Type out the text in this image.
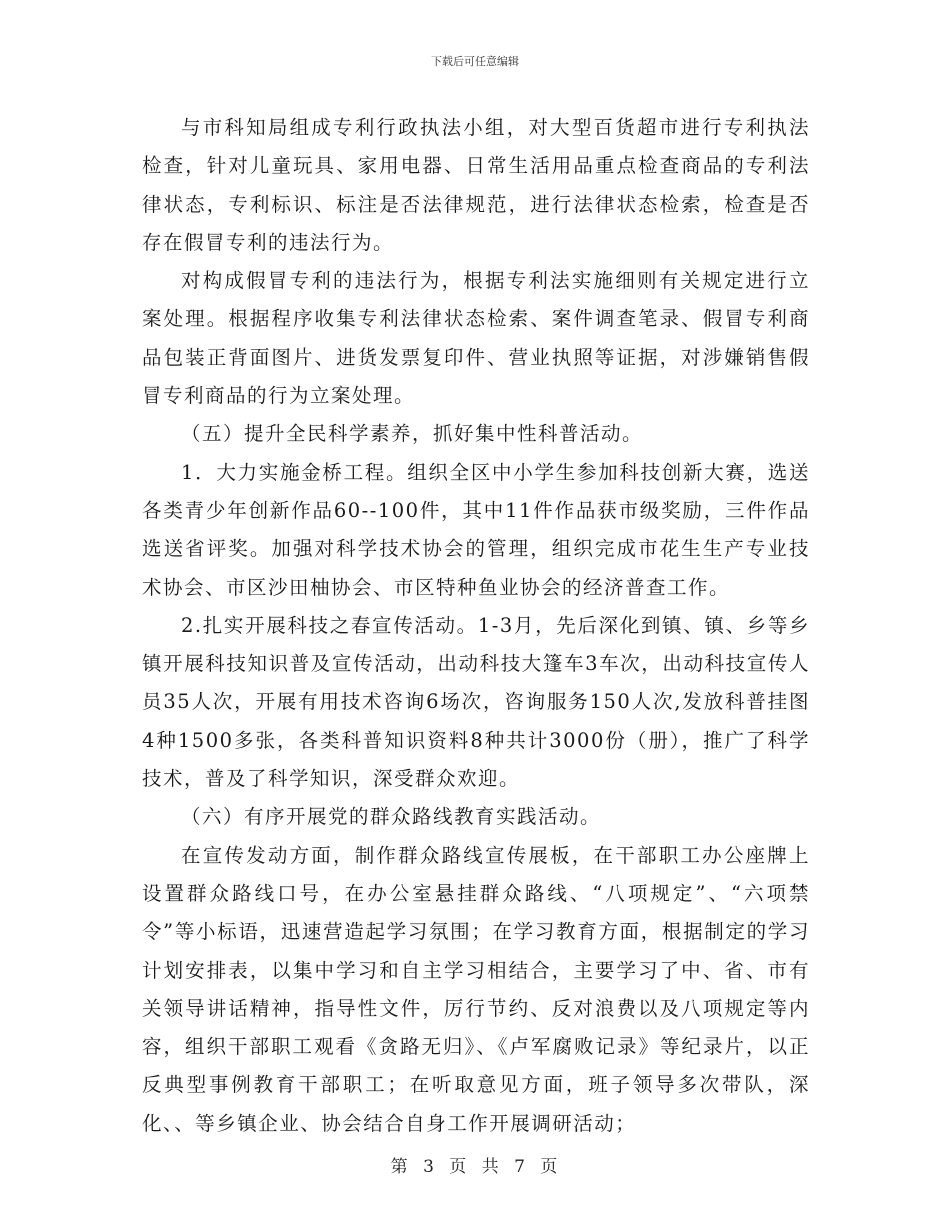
下载后可任意编辑

与市科知局组成专利行政执法小组，对大型百货超市进行专利执法检查，针对儿童玩具、家用电器、日常生活用品重点检查商品的专利法律状态，专利标识、标注是否法律规范，进行法律状态检索，检查是否存在假冒专利的违法行为。

对构成假冒专利的违法行为，根据专利法实施细则有关规定进行立案处理。根据程序收集专利法律状态检索、案件调查笔录、假冒专利商品包装正背面图片、进货发票复印件、营业执照等证据，对涉嫌销售假冒专利商品的行为立案处理。

（五）提升全民科学素养，抓好集中性科普活动。

1．大力实施金桥工程。组织全区中小学生参加科技创新大赛，选送各类青少年创新作品60--100件，其中11件作品获市级奖励，三件作品选送省评奖。加强对科学技术协会的管理，组织完成市花生生产专业技术协会、市区沙田柚协会、市区特种鱼业协会的经济普查工作。

2.扎实开展科技之春宣传活动。1-3月，先后深化到镇、镇、乡等乡镇开展科技知识普及宣传活动，出动科技大篷车3车次，出动科技宣传人员35人次，开展有用技术咨询6场次，咨询服务150人次,发放科普挂图4种1500多张，各类科普知识资料8种共计3000份（册），推广了科学技术，普及了科学知识，深受群众欢迎。

（六）有序开展党的群众路线教育实践活动。

在宣传发动方面，制作群众路线宣传展板，在干部职工办公座牌上设置群众路线口号，在办公室悬挂群众路线、“八项规定”、“六项禁令”等小标语，迅速营造起学习氛围；在学习教育方面，根据制定的学习计划安排表，以集中学习和自主学习相结合，主要学习了中、省、市有关领导讲话精神，指导性文件，厉行节约、反对浪费以及八项规定等内容，组织干部职工观看《贪路无归》、《卢军腐败记录》等纪录片，以正反典型事例教育干部职工；在听取意见方面，班子领导多次带队，深化、、等乡镇企业、协会结合自身工作开展调研活动；

第 3 页 共 7 页
